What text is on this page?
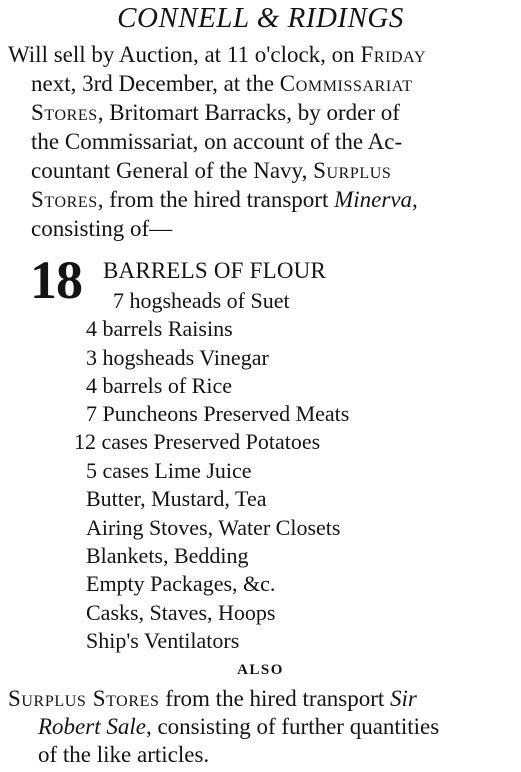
CONNELL & RIDINGS
Will sell by Auction, at 11 o'clock, on Friday
next, 3rd December, at the Commissariat
Stores, Britomart Barracks, by order of
the Commissariat, on account of the Ac-
countant General of the Navy, Surplus
Stores, from the hired transport Minerva,
consisting of—
18 BARRELS OF FLOUR
7 hogsheads of Suet
4 barrels Raisins
3 hogsheads Vinegar
4 barrels of Rice
7 Puncheons Preserved Meats
12 cases Preserved Potatoes
5 cases Lime Juice
Butter, Mustard, Tea
Airing Stoves, Water Closets
Blankets, Bedding
Empty Packages, &c.
Casks, Staves, Hoops
Ship's Ventilators
ALSO
Surplus Stores from the hired transport Sir
Robert Sale, consisting of further quantities
of the like articles.
